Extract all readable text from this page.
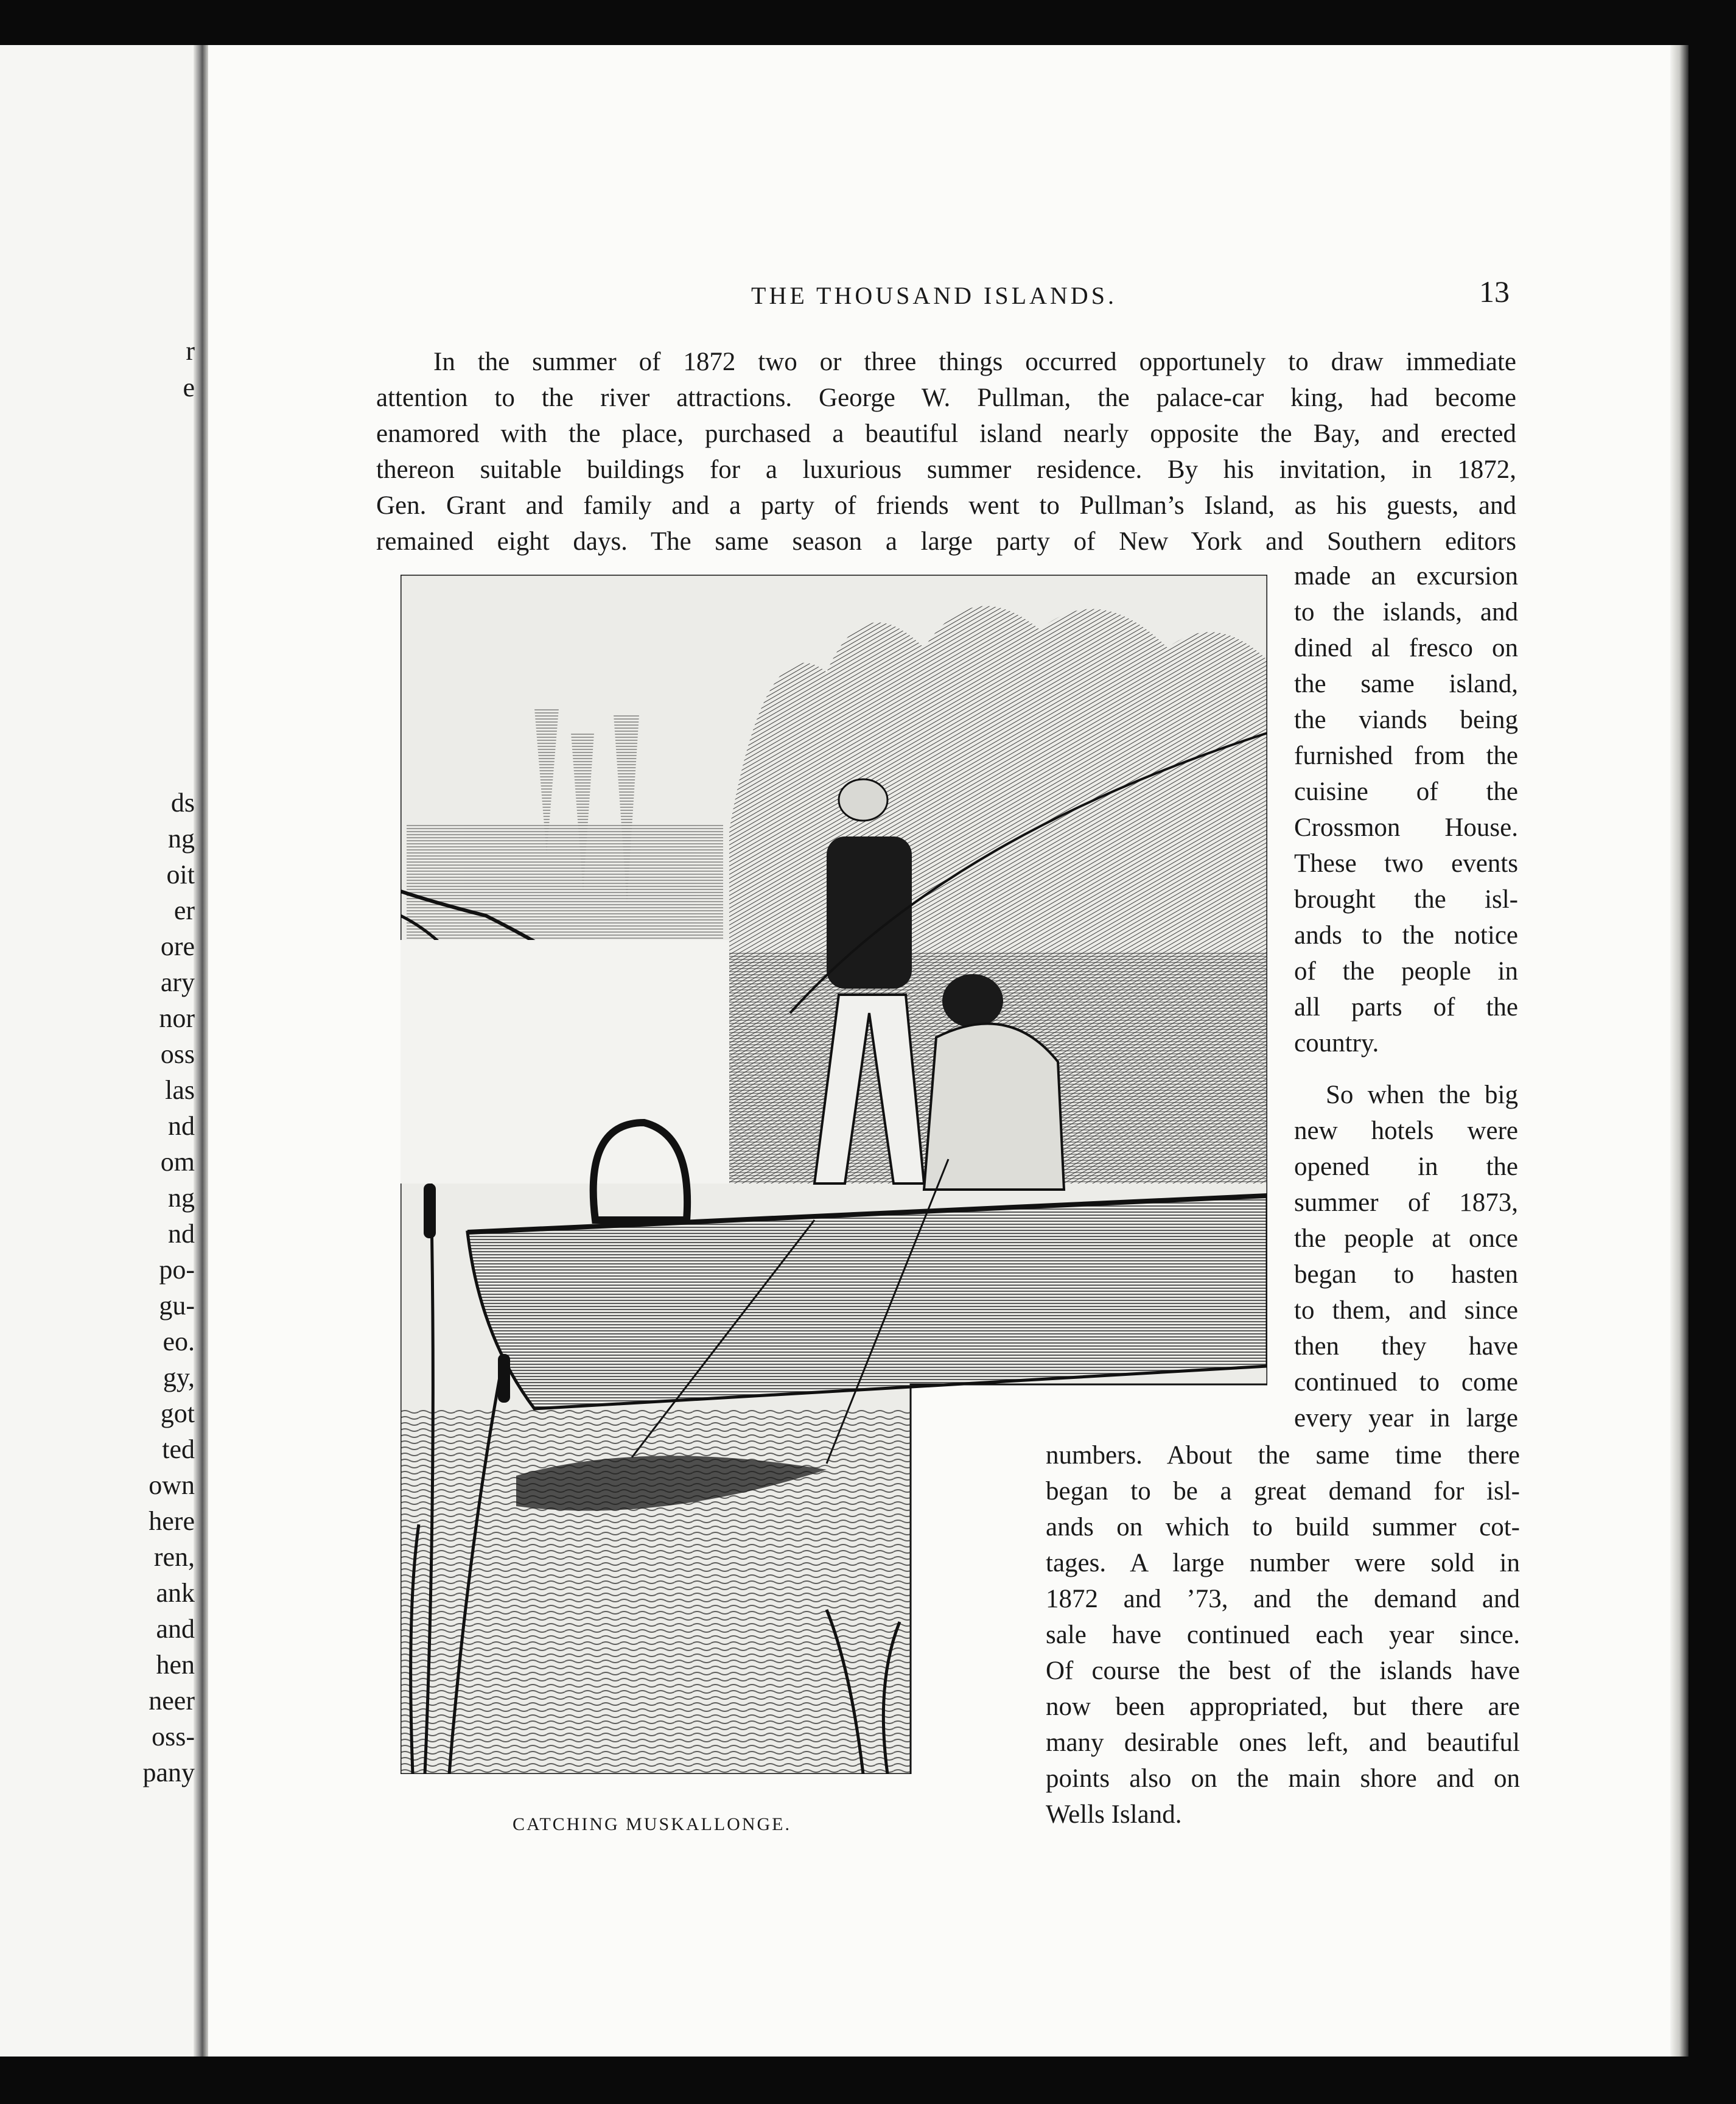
r

e

ds

ng

oit

er

ore

ary

nor

oss

las

nd

om

ng

nd

po-

gu-

eo.

gy,

got

ted

own

here

ren,

ank

and

hen

neer

oss-

pany

THE THOUSAND ISLANDS.	13

In the summer of 1872 two or three things occurred opportunely to draw immediate

attention to the river attractions. George W. Pullman, the palace-car king, had become

enamored with the place, purchased a beautiful island nearly opposite the Bay, and erected

thereon suitable buildings for a luxurious summer residence. By his invitation, in 1872,

Gen. Grant and family and a party of friends went to Pullman’s Island, as his guests, and

remained eight days. The same season a large party of New York and Southern editors

made an excursion

to the islands, and

dined al fresco on

the same island,

the viands being

furnished from the

cuisine of the

Crossmon House.

These two events

brought the isl-

ands to the notice

of the people in

all parts of the

country.

So when the big

new hotels were

opened in the

summer of 1873,

the people at once

began to hasten

to them, and since

then they have

continued to come

every year in large

numbers. About the same time there

began to be a great demand for isl-

ands on which to build summer cot-

tages. A large number were sold in

1872 and ’73, and the demand and

sale have continued each year since.

Of course the best of the islands have

now been appropriated, but there are

many desirable ones left, and beautiful

points also on the main shore and on

Wells Island.

CATCHING MUSKALLONGE.
